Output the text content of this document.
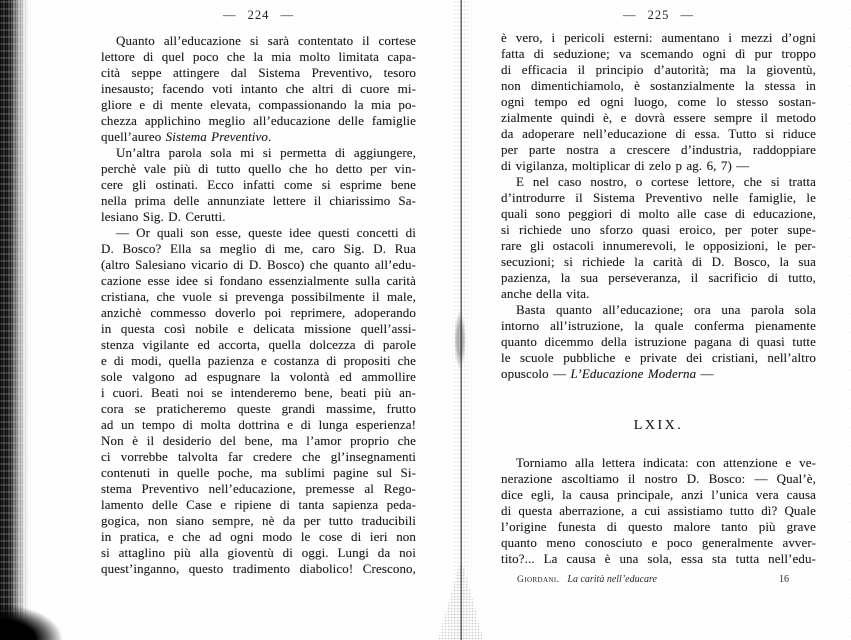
— 224 —
Quanto all’educazione si sarà contentato il cortese
lettore di quel poco che la mia molto limitata capa-
cità seppe attingere dal Sistema Preventivo, tesoro
inesausto; facendo voti intanto che altri di cuore mi-
gliore e di mente elevata, compassionando la mia po-
chezza applichino meglio all’educazione delle famiglie
quell’aureo Sistema Preventivo.
Un’altra parola sola mi si permetta di aggiungere,
perchè vale più di tutto quello che ho detto per vin-
cere gli ostinati. Ecco infatti come si esprime bene
nella prima delle annunziate lettere il chiarissimo Sa-
lesiano Sig. D. Cerutti.
— Or quali son esse, queste idee questi concetti di
D. Bosco? Ella sa meglio di me, caro Sig. D. Rua
(altro Salesiano vicario di D. Bosco) che quanto all’edu-
cazione esse idee si fondano essenzialmente sulla carità
cristiana, che vuole si prevenga possibilmente il male,
anzichè commesso doverlo poi reprimere, adoperando
in questa così nobile e delicata missione quell’assi-
stenza vigilante ed accorta, quella dolcezza di parole
e di modi, quella pazienza e costanza di propositi che
sole valgono ad espugnare la volontà ed ammollire
i cuori. Beati noi se intenderemo bene, beati più an-
cora se praticheremo queste grandi massime, frutto
ad un tempo di molta dottrina e di lunga esperienza!
Non è il desiderio del bene, ma l’amor proprio che
ci vorrebbe talvolta far credere che gl’insegnamenti
contenuti in quelle poche, ma sublimi pagine sul Si-
stema Preventivo nell’educazione, premesse al Rego-
lamento delle Case e ripiene di tanta sapienza peda-
gogica, non siano sempre, nè da per tutto traducibili
in pratica, e che ad ogni modo le cose di ieri non
si attaglino più alla gioventù di oggi. Lungi da noi
quest’inganno, questo tradimento diabolico! Crescono,
— 225 —
è vero, i pericoli esterni: aumentano i mezzi d’ogni
fatta di seduzione; va scemando ogni dì pur troppo
di efficacia il principio d’autorità; ma la gioventù,
non dimentichiamolo, è sostanzialmente la stessa in
ogni tempo ed ogni luogo, come lo stesso sostan-
zialmente quindi è, e dovrà essere sempre il metodo
da adoperare nell’educazione di essa. Tutto si riduce
per parte nostra a crescere d’industria, raddoppiare
di vigilanza, moltiplicar di zelo p ag. 6, 7) —
E nel caso nostro, o cortese lettore, che si tratta
d’introdurre il Sistema Preventivo nelle famiglie, le
quali sono peggiori di molto alle case di educazione,
si richiede uno sforzo quasi eroico, per poter supe-
rare gli ostacoli innumerevoli, le opposizioni, le per-
secuzioni; si richiede la carità di D. Bosco, la sua
pazienza, la sua perseveranza, il sacrificio di tutto,
anche della vita.
Basta quanto all’educazione; ora una parola sola
intorno all’istruzione, la quale conferma pienamente
quanto dicemmo della istruzione pagana di quasi tutte
le scuole pubbliche e private dei cristiani, nell’altro
opuscolo — L’Educazione Moderna —
LXIX.
Torniamo alla lettera indicata: con attenzione e ve-
nerazione ascoltiamo il nostro D. Bosco: — Qual’è,
dice egli, la causa principale, anzi l’unica vera causa
di questa aberrazione, a cui assistiamo tutto dì? Quale
l’origine funesta di questo malore tanto più grave
quanto meno conosciuto e poco generalmente avver-
tito?... La causa è una sola, essa sta tutta nell’edu-
Giordani. La carità nell’educare	16
